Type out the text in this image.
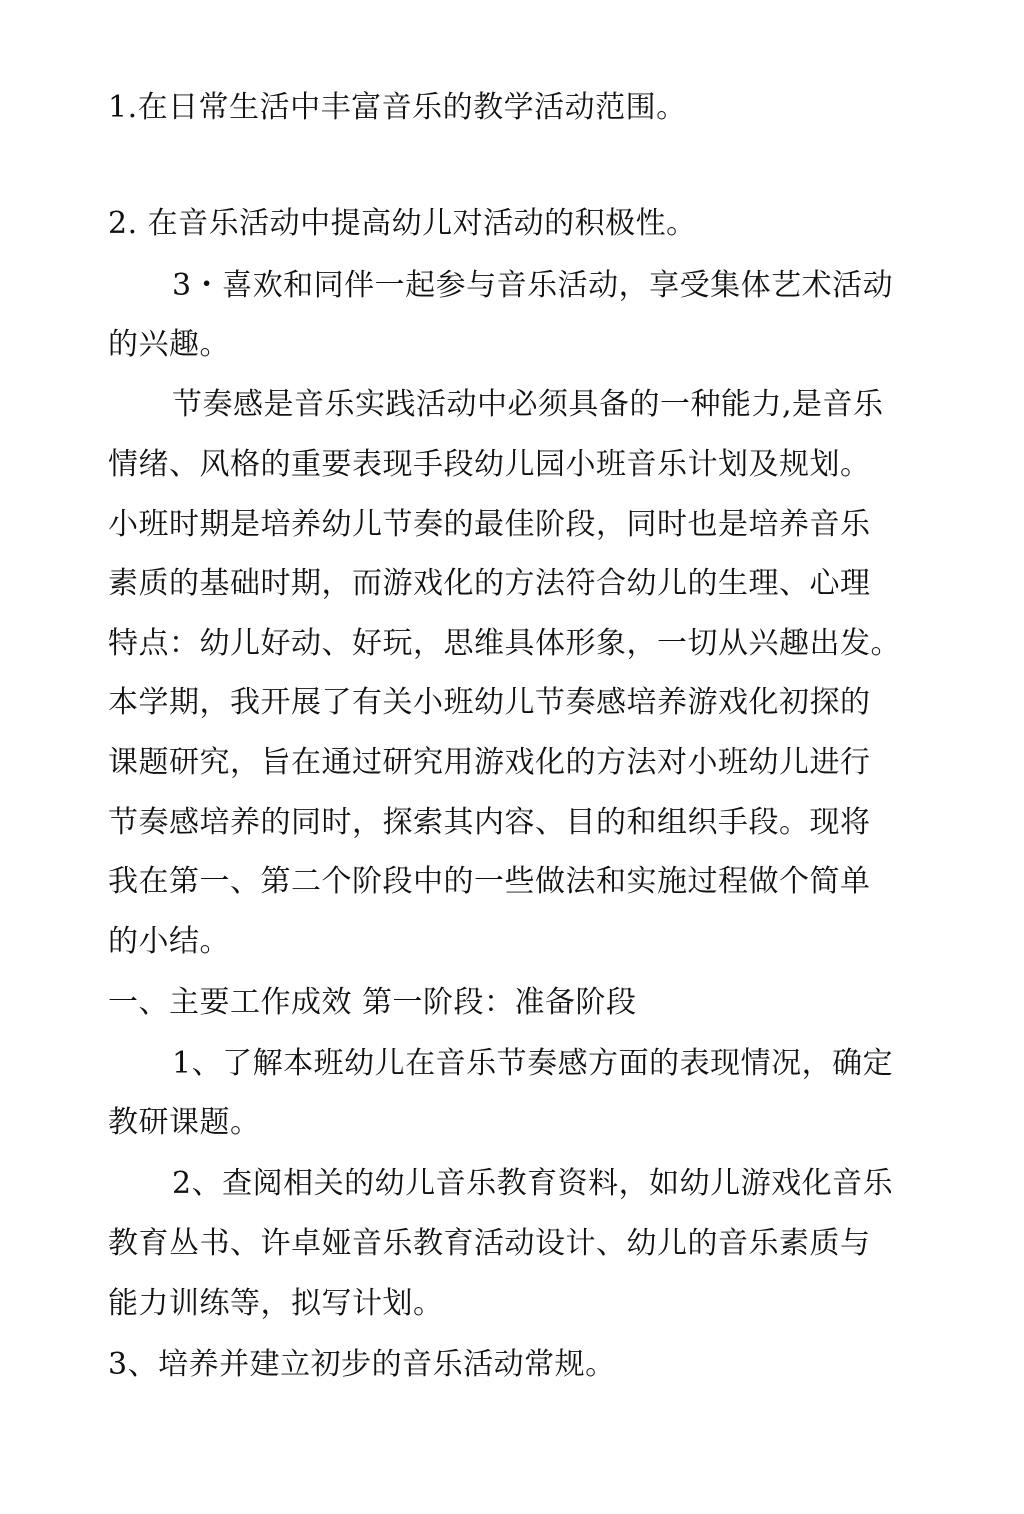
1.在日常生活中丰富音乐的教学活动范围。
2. 在音乐活动中提高幼儿对活动的积极性。
3・喜欢和同伴一起参与音乐活动，享受集体艺术活动
的兴趣。
节奏感是音乐实践活动中必须具备的一种能力,是音乐
情绪、风格的重要表现手段幼儿园小班音乐计划及规划。
小班时期是培养幼儿节奏的最佳阶段，同时也是培养音乐
素质的基础时期，而游戏化的方法符合幼儿的生理、心理
特点：幼儿好动、好玩，思维具体形象，一切从兴趣出发。
本学期，我开展了有关小班幼儿节奏感培养游戏化初探的
课题研究，旨在通过研究用游戏化的方法对小班幼儿进行
节奏感培养的同时，探索其内容、目的和组织手段。现将
我在第一、第二个阶段中的一些做法和实施过程做个简单
的小结。
一、主要工作成效 第一阶段：准备阶段
1、了解本班幼儿在音乐节奏感方面的表现情况，确定
教研课题。
2、查阅相关的幼儿音乐教育资料，如幼儿游戏化音乐
教育丛书、许卓娅音乐教育活动设计、幼儿的音乐素质与
能力训练等，拟写计划。
3、培养并建立初步的音乐活动常规。
